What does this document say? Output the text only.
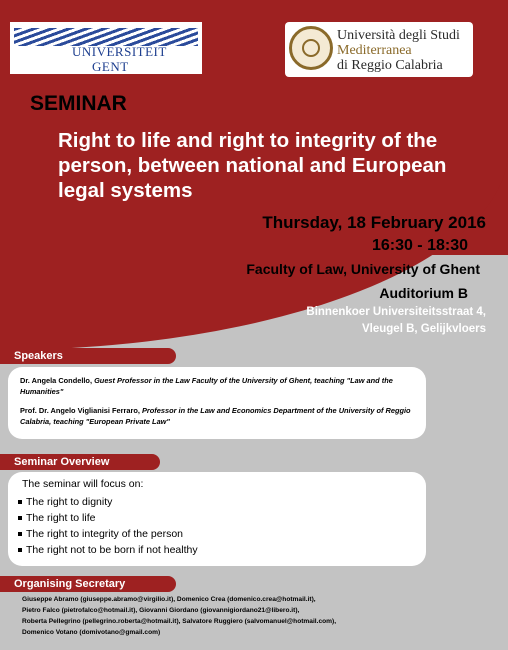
UNIVERSITEIT
GENT
Università degli Studi
Mediterranea
di Reggio Calabria
SEMINAR
Right to life and right to integrity of the person, between national and European legal systems
Thursday, 18 February 2016
16:30 - 18:30
Faculty of Law, University of Ghent
Auditorium B
Binnenkoer Universiteitsstraat 4,
Vleugel B, Gelijkvloers
Speakers
Dr. Angela Condello, Guest Professor in the Law Faculty of the University of Ghent, teaching "Law and the Humanities"
Prof. Dr. Angelo Viglianisi Ferraro, Professor in the Law and Economics Department of the University of Reggio Calabria, teaching "European Private Law"
Seminar Overview
The seminar will focus on:
The right to dignity
The right to life
The right to integrity of the person
The right not to be born if not healthy
Organising Secretary
Giuseppe Abramo (giuseppe.abramo@virgilio.it), Domenico Crea (domenico.crea@hotmail.it),
Pietro Falco (pietrofalco@hotmail.it), Giovanni Giordano (giovannigiordano21@libero.it),
Roberta Pellegrino (pellegrino.roberta@hotmail.it), Salvatore Ruggiero (salvomanuel@hotmail.com),
Domenico Votano (domivotano@gmail.com)
